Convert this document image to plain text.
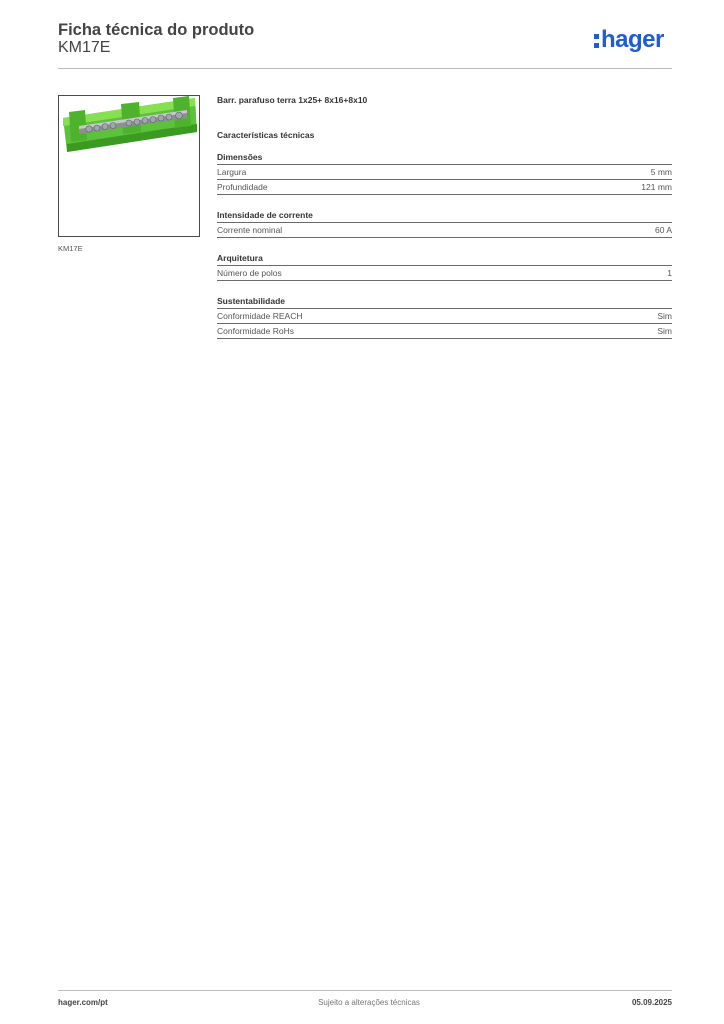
Ficha técnica do produto
KM17E	hager
KM17E
Barr. parafuso terra 1x25+ 8x16+8x10
Características técnicas
Dimensões
Largura	5 mm
Profundidade	121 mm
Intensidade de corrente
Corrente nominal	60 A
Arquitetura
Número de polos	1
Sustentabilidade
Conformidade REACH	Sim
Conformidade RoHs	Sim
hager.com/pt	Sujeito a alterações técnicas	05.09.2025
